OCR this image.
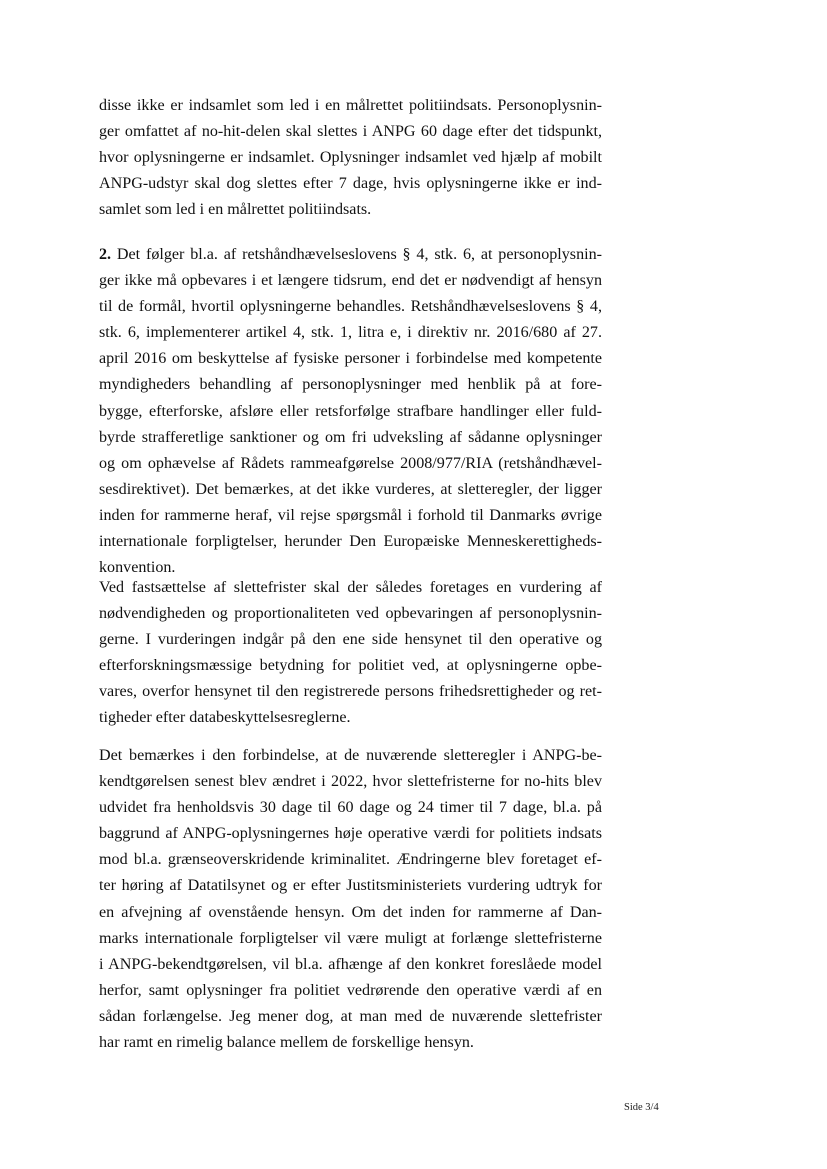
disse ikke er indsamlet som led i en målrettet politiindsats. Personoplysnin-
ger omfattet af no-hit-delen skal slettes i ANPG 60 dage efter det tidspunkt,
hvor oplysningerne er indsamlet. Oplysninger indsamlet ved hjælp af mobilt
ANPG-udstyr skal dog slettes efter 7 dage, hvis oplysningerne ikke er ind-
samlet som led i en målrettet politiindsats.
2. Det følger bl.a. af retshåndhævelseslovens § 4, stk. 6, at personoplysnin-
ger ikke må opbevares i et længere tidsrum, end det er nødvendigt af hensyn
til de formål, hvortil oplysningerne behandles. Retshåndhævelseslovens § 4,
stk. 6, implementerer artikel 4, stk. 1, litra e, i direktiv nr. 2016/680 af 27.
april 2016 om beskyttelse af fysiske personer i forbindelse med kompetente
myndigheders behandling af personoplysninger med henblik på at fore-
bygge, efterforske, afsløre eller retsforfølge strafbare handlinger eller fuld-
byrde strafferetlige sanktioner og om fri udveksling af sådanne oplysninger
og om ophævelse af Rådets rammeafgørelse 2008/977/RIA (retshåndhævel-
sesdirektivet). Det bemærkes, at det ikke vurderes, at sletteregler, der ligger
inden for rammerne heraf, vil rejse spørgsmål i forhold til Danmarks øvrige
internationale forpligtelser, herunder Den Europæiske Menneskerettigheds-
konvention.
Ved fastsættelse af slettefrister skal der således foretages en vurdering af
nødvendigheden og proportionaliteten ved opbevaringen af personoplysnin-
gerne. I vurderingen indgår på den ene side hensynet til den operative og
efterforskningsmæssige betydning for politiet ved, at oplysningerne opbe-
vares, overfor hensynet til den registrerede persons frihedsrettigheder og ret-
tigheder efter databeskyttelsesreglerne.
Det bemærkes i den forbindelse, at de nuværende sletteregler i ANPG-be-
kendtgørelsen senest blev ændret i 2022, hvor slettefristerne for no-hits blev
udvidet fra henholdsvis 30 dage til 60 dage og 24 timer til 7 dage, bl.a. på
baggrund af ANPG-oplysningernes høje operative værdi for politiets indsats
mod bl.a. grænseoverskridende kriminalitet. Ændringerne blev foretaget ef-
ter høring af Datatilsynet og er efter Justitsministeriets vurdering udtryk for
en afvejning af ovenstående hensyn. Om det inden for rammerne af Dan-
marks internationale forpligtelser vil være muligt at forlænge slettefristerne
i ANPG-bekendtgørelsen, vil bl.a. afhænge af den konkret foreslåede model
herfor, samt oplysninger fra politiet vedrørende den operative værdi af en
sådan forlængelse. Jeg mener dog, at man med de nuværende slettefrister
har ramt en rimelig balance mellem de forskellige hensyn.
Side 3/4
